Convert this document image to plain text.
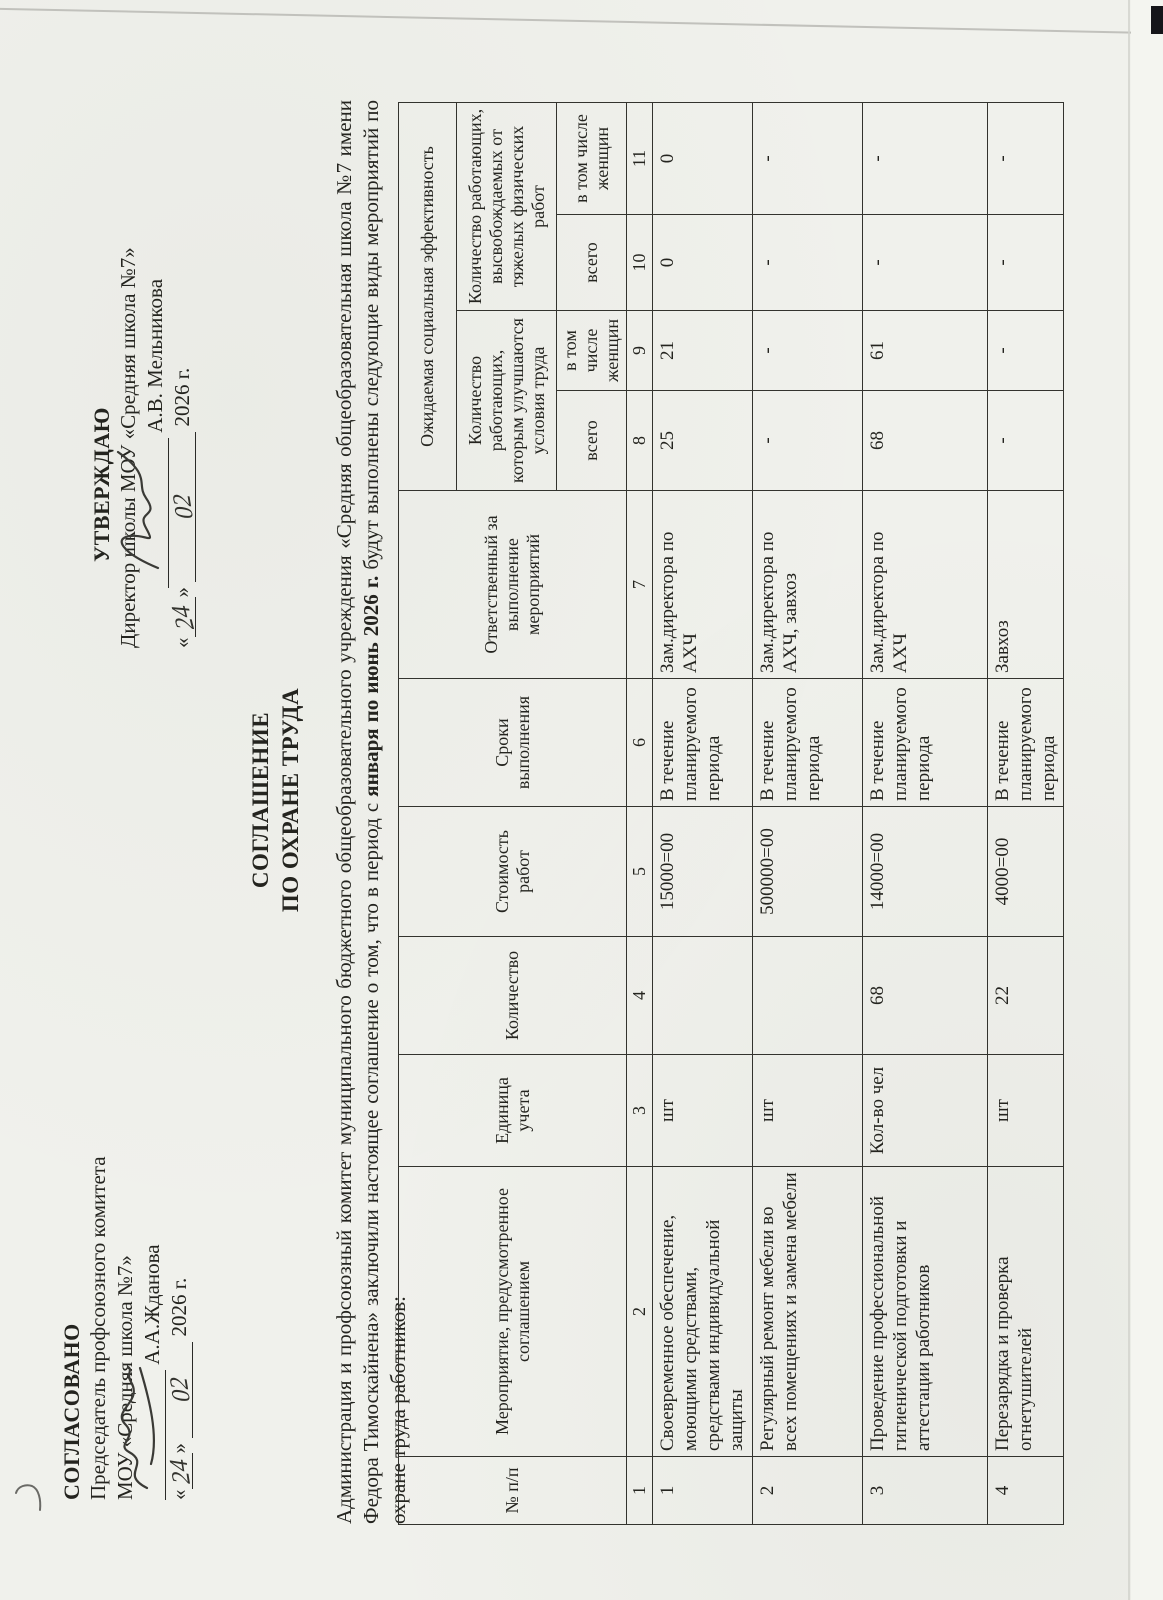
СОГЛАСОВАНО Председатель профсоюзного комитета МОУ «Средняя школа №7» А.А.Жданова
«24» 02 2026 г.
УТВЕРЖДАЮ Директор школы МОУ «Средняя школа №7» А.В. Мельникова
«24» 02 2026 г.
СОГЛАШЕНИЕ ПО ОХРАНЕ ТРУДА Администрация и профсоюзный комитет муниципального бюджетного общеобразовательного учреждения «Средняя общеобразовательная школа №7 имени Федора Тимоскайнена» заключили настоящее соглашение о том, что в период с января по июнь 2026 г. будут выполнены следующие виды мероприятий по охране труда работников:	№ п/п	Мероприятие, предусмотренное соглашением	Единица учета	Количество	Стоимость работ	Сроки выполнения	Ответственный за выполнение мероприятий	Ожидаемая социальная эффективность			
							Количество работающих, которым улучшаются условия труда		Количество работающих, высвобождаемых от тяжелых физических работ	
							всего	в том числе женщин	всего	в том числе женщин
1	2	3	4	5	6	7	8	9	10	11
1	Своевременное обеспечение, моющими средствами, средствами индивидуальной защиты	шт		15000=00	В течение планируемого периода	Зам.директора по АХЧ	25	21	0	0
2	Регулярный ремонт мебели во всех помещениях и замена мебели	шт		500000=00	В течение планируемого периода	Зам.директора по АХЧ, завхоз	-	-	-	-
3	Проведение профессиональной гигиенической подготовки и аттестации работников	Кол-во чел	68	14000=00	В течение планируемого периода	Зам.директора по АХЧ	68	61	-	-
4	Перезарядка и проверка огнетушителей	шт	22	4000=00	В течение планируемого периода	Завхоз	-	-	-	-
